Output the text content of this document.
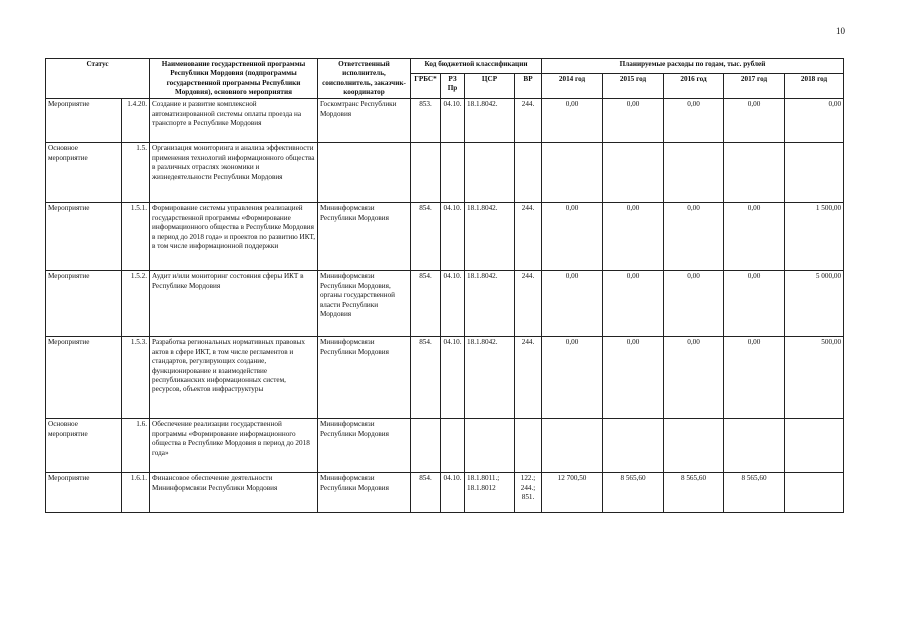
10
Статус		Наименование государственной программы Республики Мордовия (подпрограммы государственной программы Республики Мордовия), основного мероприятия	Ответственный исполнитель, соисполнитель, заказчик-координатор	Код бюджетной классификации				Планируемые расходы по годам, тыс. рублей				
				ГРБС*	РЗ Пр	ЦСР	ВР	2014 год	2015 год	2016 год	2017 год	2018 год
Мероприятие	1.4.20.	Создание и развитие комплексной автоматизированной системы оплаты проезда на транспорте в Республике Мордовия	Госкомтранс Республики Мордовия	853.	04.10.	18.1.8042.	244.	0,00	0,00	0,00	0,00	0,00
Основное мероприятие	1.5.	Организация мониторинга и анализа эффективности применения технологий информационного общества в различных отраслях экономики и жизнедеятельности Республики Мордовия										
Мероприятие	1.5.1.	Формирование системы управления реализацией государственной программы «Формирование информационного общества в Республике Мордовия в период до 2018 года» и проектов по развитию ИКТ, в том числе информационной поддержки	Мининформсвязи Республики Мордовия	854.	04.10.	18.1.8042.	244.	0,00	0,00	0,00	0,00	1 500,00
Мероприятие	1.5.2.	Аудит и/или мониторинг состояния сферы ИКТ в Республике Мордовия	Мининформсвязи Республики Мордовия, органы государственной власти Республики Мордовия	854.	04.10.	18.1.8042.	244.	0,00	0,00	0,00	0,00	5 000,00
Мероприятие	1.5.3.	Разработка региональных нормативных правовых актов в сфере ИКТ, в том числе регламентов и стандартов, регулирующих создание, функционирование и взаимодействие республиканских информационных систем, ресурсов, объектов инфраструктуры	Мининформсвязи Республики Мордовия	854.	04.10.	18.1.8042.	244.	0,00	0,00	0,00	0,00	500,00
Основное мероприятие	1.6.	Обеспечение реализации государственной программы «Формирование информационного общества в Республике Мордовия в период до 2018 года»	Мининформсвязи Республики Мордовия									
Мероприятие	1.6.1.	Финансовое обеспечение деятельности Мининформсвязи Республики Мордовия	Мининформсвязи Республики Мордовия	854.	04.10.	18.1.8011.; 18.1.8012	122.; 244.; 851.	12 700,50	8 565,60	8 565,60	8 565,60	
